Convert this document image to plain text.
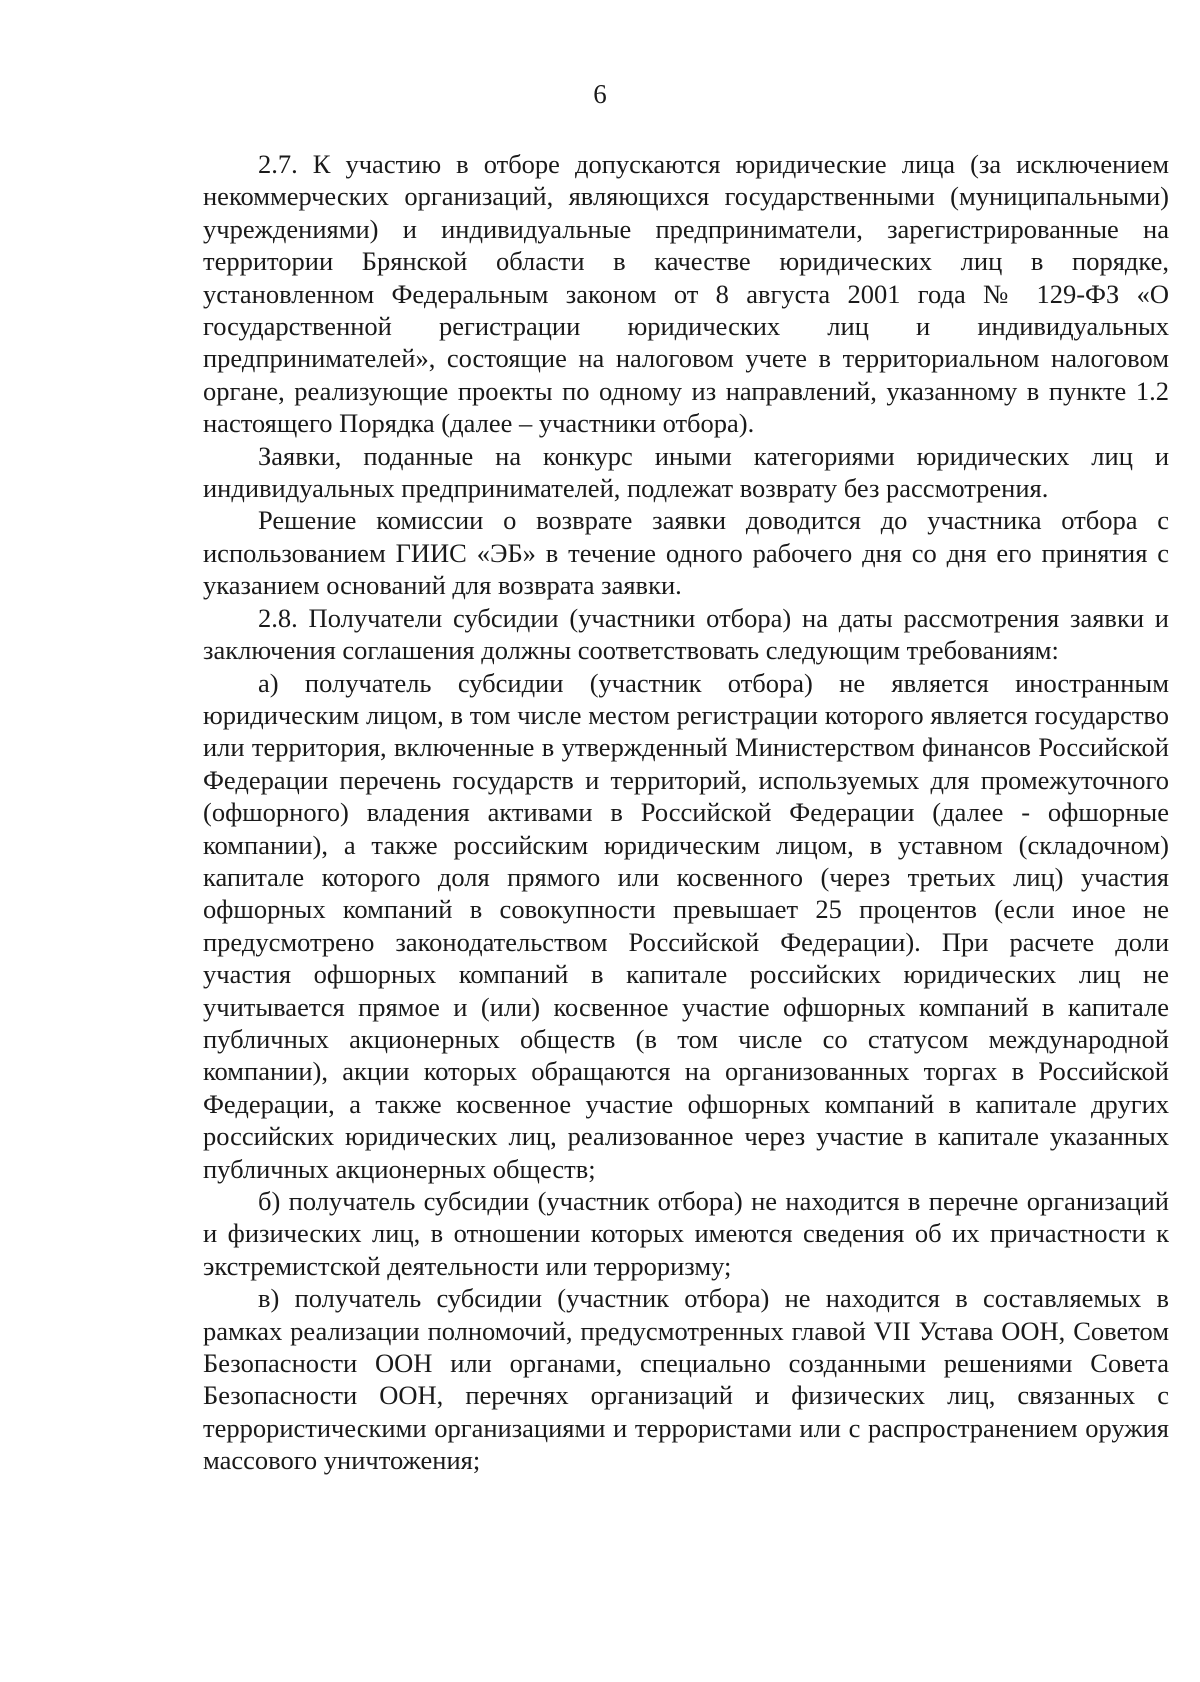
6

2.7. К участию в отборе допускаются юридические лица (за исключением некоммерческих организаций, являющихся государственными (муниципальными) учреждениями) и индивидуальные предприниматели, зарегистрированные на территории Брянской области в качестве юридических лиц в порядке, установленном Федеральным законом от 8 августа 2001 года № 129-ФЗ «О государственной регистрации юридических лиц и индивидуальных предпринимателей», состоящие на налоговом учете в территориальном налоговом органе, реализующие проекты по одному из направлений, указанному в пункте 1.2 настоящего Порядка (далее – участники отбора).

Заявки, поданные на конкурс иными категориями юридических лиц и индивидуальных предпринимателей, подлежат возврату без рассмотрения.

Решение комиссии о возврате заявки доводится до участника отбора с использованием ГИИС «ЭБ» в течение одного рабочего дня со дня его принятия с указанием оснований для возврата заявки.

2.8. Получатели субсидии (участники отбора) на даты рассмотрения заявки и заключения соглашения должны соответствовать следующим требованиям:

а) получатель субсидии (участник отбора) не является иностранным юридическим лицом, в том числе местом регистрации которого является государство или территория, включенные в утвержденный Министерством финансов Российской Федерации перечень государств и территорий, используемых для промежуточного (офшорного) владения активами в Российской Федерации (далее - офшорные компании), а также российским юридическим лицом, в уставном (складочном) капитале которого доля прямого или косвенного (через третьих лиц) участия офшорных компаний в совокупности превышает 25 процентов (если иное не предусмотрено законодательством Российской Федерации). При расчете доли участия офшорных компаний в капитале российских юридических лиц не учитывается прямое и (или) косвенное участие офшорных компаний в капитале публичных акционерных обществ (в том числе со статусом международной компании), акции которых обращаются на организованных торгах в Российской Федерации, а также косвенное участие офшорных компаний в капитале других российских юридических лиц, реализованное через участие в капитале указанных публичных акционерных обществ;

б) получатель субсидии (участник отбора) не находится в перечне организаций и физических лиц, в отношении которых имеются сведения об их причастности к экстремистской деятельности или терроризму;

в) получатель субсидии (участник отбора) не находится в составляемых в рамках реализации полномочий, предусмотренных главой VII Устава ООН, Советом Безопасности ООН или органами, специально созданными решениями Совета Безопасности ООН, перечнях организаций и физических лиц, связанных с террористическими организациями и террористами или с распространением оружия массового уничтожения;
